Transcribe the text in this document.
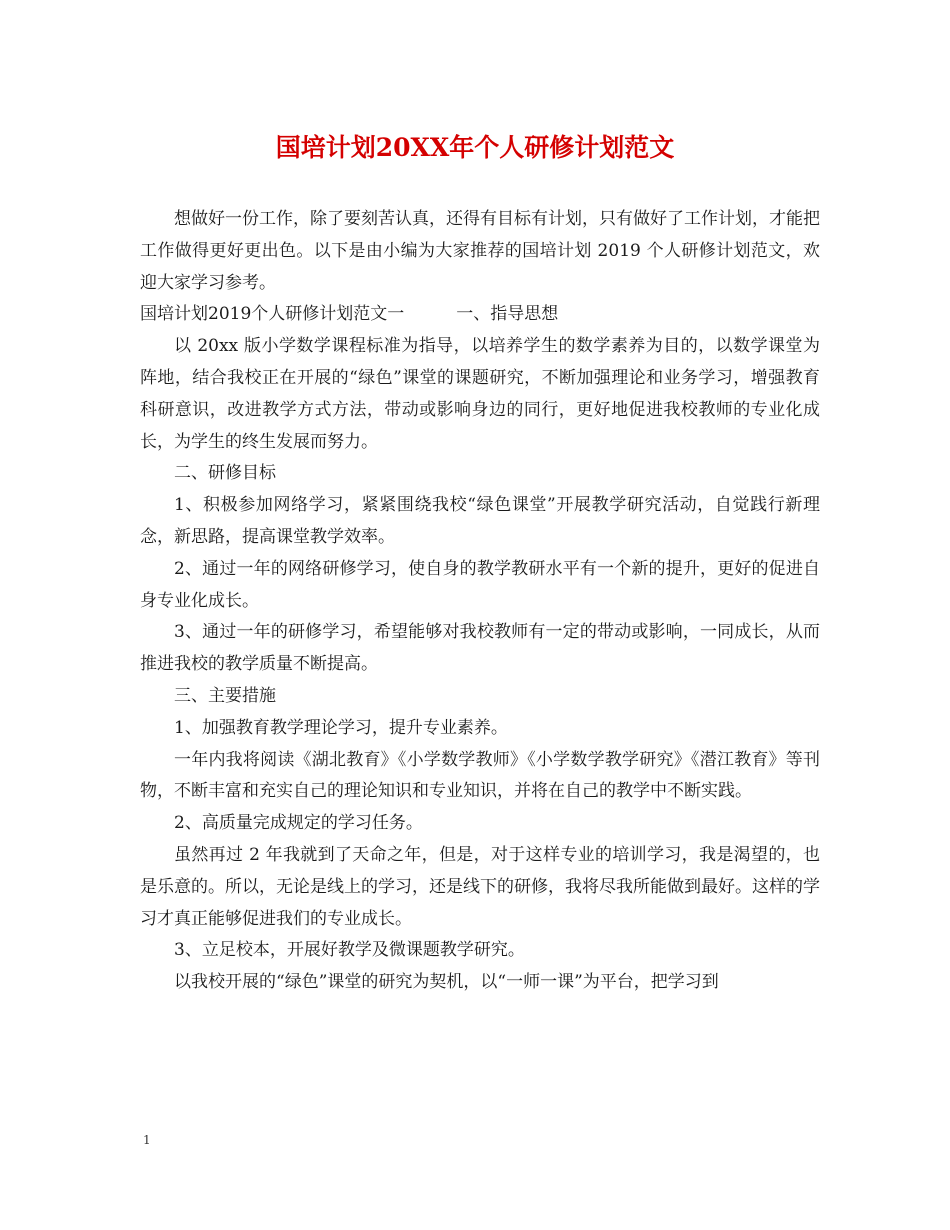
国培计划20XX年个人研修计划范文

想做好一份工作，除了要刻苦认真，还得有目标有计划，只有做好了工作计划，才能把工作做得更好更出色。以下是由小编为大家推荐的国培计划 2019 个人研修计划范文，欢迎大家学习参考。

国培计划2019个人研修计划范文一	一、指导思想

以 20xx 版小学数学课程标准为指导，以培养学生的数学素养为目的，以数学课堂为阵地，结合我校正在开展的“绿色”课堂的课题研究，不断加强理论和业务学习，增强教育科研意识，改进教学方式方法，带动或影响身边的同行，更好地促进我校教师的专业化成长，为学生的终生发展而努力。

二、研修目标

1、积极参加网络学习，紧紧围绕我校“绿色课堂”开展教学研究活动，自觉践行新理念，新思路，提高课堂教学效率。

2、通过一年的网络研修学习，使自身的教学教研水平有一个新的提升，更好的促进自身专业化成长。

3、通过一年的研修学习，希望能够对我校教师有一定的带动或影响，一同成长，从而推进我校的教学质量不断提高。

三、主要措施

1、加强教育教学理论学习，提升专业素养。

一年内我将阅读《湖北教育》《小学数学教师》《小学数学教学研究》《潜江教育》等刊物，不断丰富和充实自己的理论知识和专业知识，并将在自己的教学中不断实践。

2、高质量完成规定的学习任务。

虽然再过 2 年我就到了天命之年，但是，对于这样专业的培训学习，我是渴望的，也是乐意的。所以，无论是线上的学习，还是线下的研修，我将尽我所能做到最好。这样的学习才真正能够促进我们的专业成长。

3、立足校本，开展好教学及微课题教学研究。

以我校开展的“绿色”课堂的研究为契机，以“一师一课”为平台，把学习到

1
